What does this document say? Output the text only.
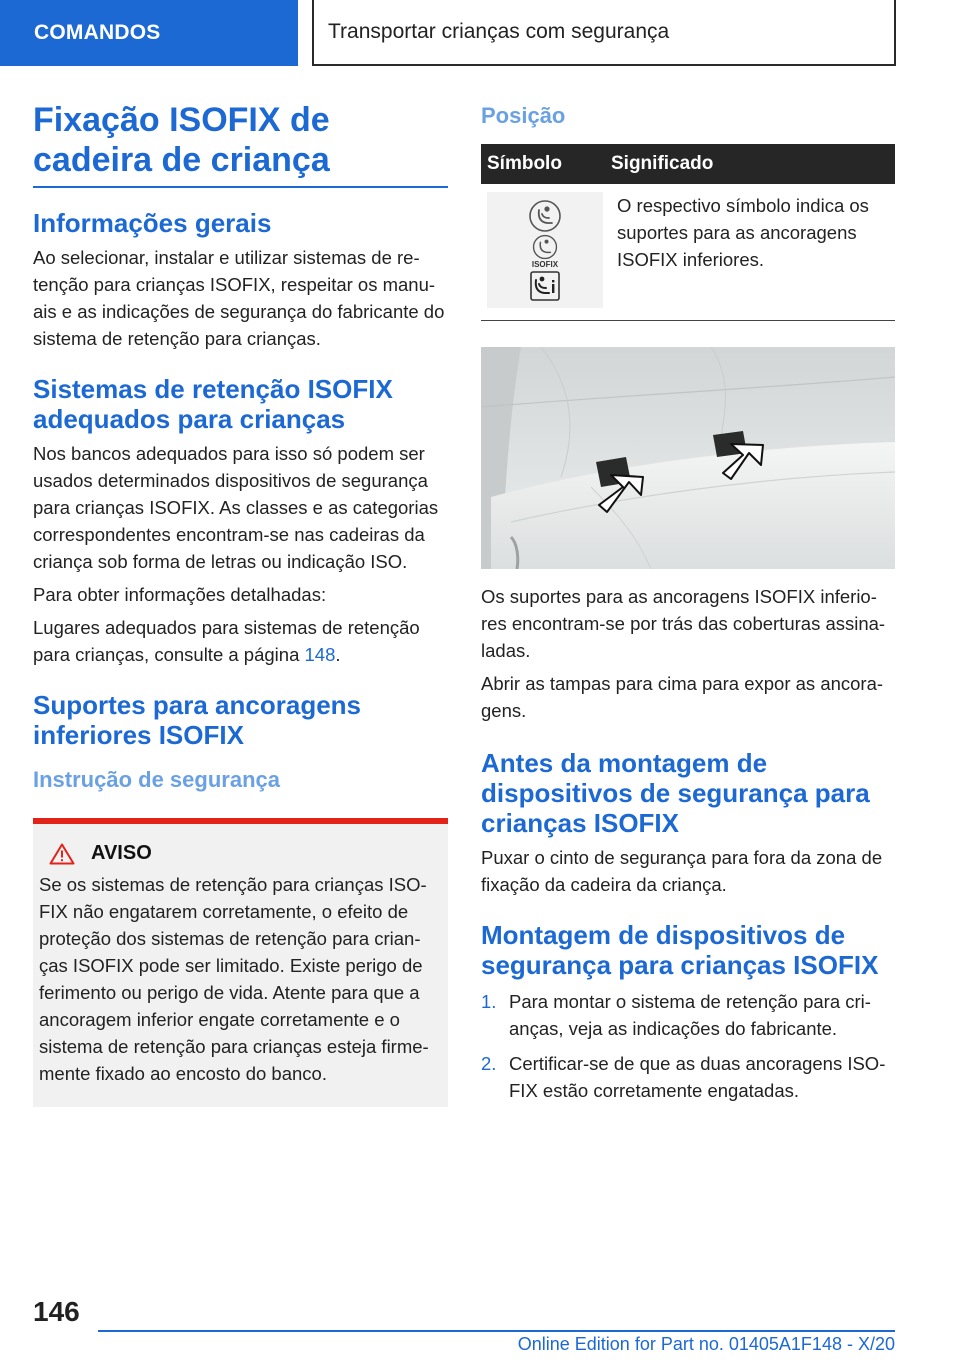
COMANDOS	Transportar crianças com segurança
Fixação ISOFIX de cadeira de criança
Informações gerais

Ao selecionar, instalar e utilizar sistemas de re-tenção para crianças ISOFIX, respeitar os manu-ais e as indicações de segurança do fabricante do sistema de retenção para crianças.

Sistemas de retenção ISOFIX adequados para crianças

Nos bancos adequados para isso só podem ser usados determinados dispositivos de segurança para crianças ISOFIX. As classes e as categorias correspondentes encontram-se nas cadeiras da criança sob forma de letras ou indicação ISO.

Para obter informações detalhadas:

Lugares adequados para sistemas de retenção para crianças, consulte a página 148.

Suportes para ancoragens inferiores ISOFIX
Instrução de segurança
AVISO

Se os sistemas de retenção para crianças ISO-FIX não engatarem corretamente, o efeito de proteção dos sistemas de retenção para crian-ças ISOFIX pode ser limitado. Existe perigo de ferimento ou perigo de vida. Atente para que a ancoragem inferior engate corretamente e o sistema de retenção para crianças esteja firme-mente fixado ao encosto do banco.

Posição
Símbolo	Significado
ISOFIX
O respectivo símbolo indica os suportes para as ancoragens ISOFIX inferiores.

Os suportes para as ancoragens ISOFIX inferio-res encontram-se por trás das coberturas assina-ladas.

Abrir as tampas para cima para expor as ancora-gens.

Antes da montagem de dispositivos de segurança para crianças ISOFIX

Puxar o cinto de segurança para fora da zona de fixação da cadeira da criança.

Montagem de dispositivos de segurança para crianças ISOFIX
1. Para montar o sistema de retenção para cri-anças, veja as indicações do fabricante.
2. Certificar-se de que as duas ancoragens ISO-FIX estão corretamente engatadas.
146
Online Edition for Part no. 01405A1F148 - X/20
